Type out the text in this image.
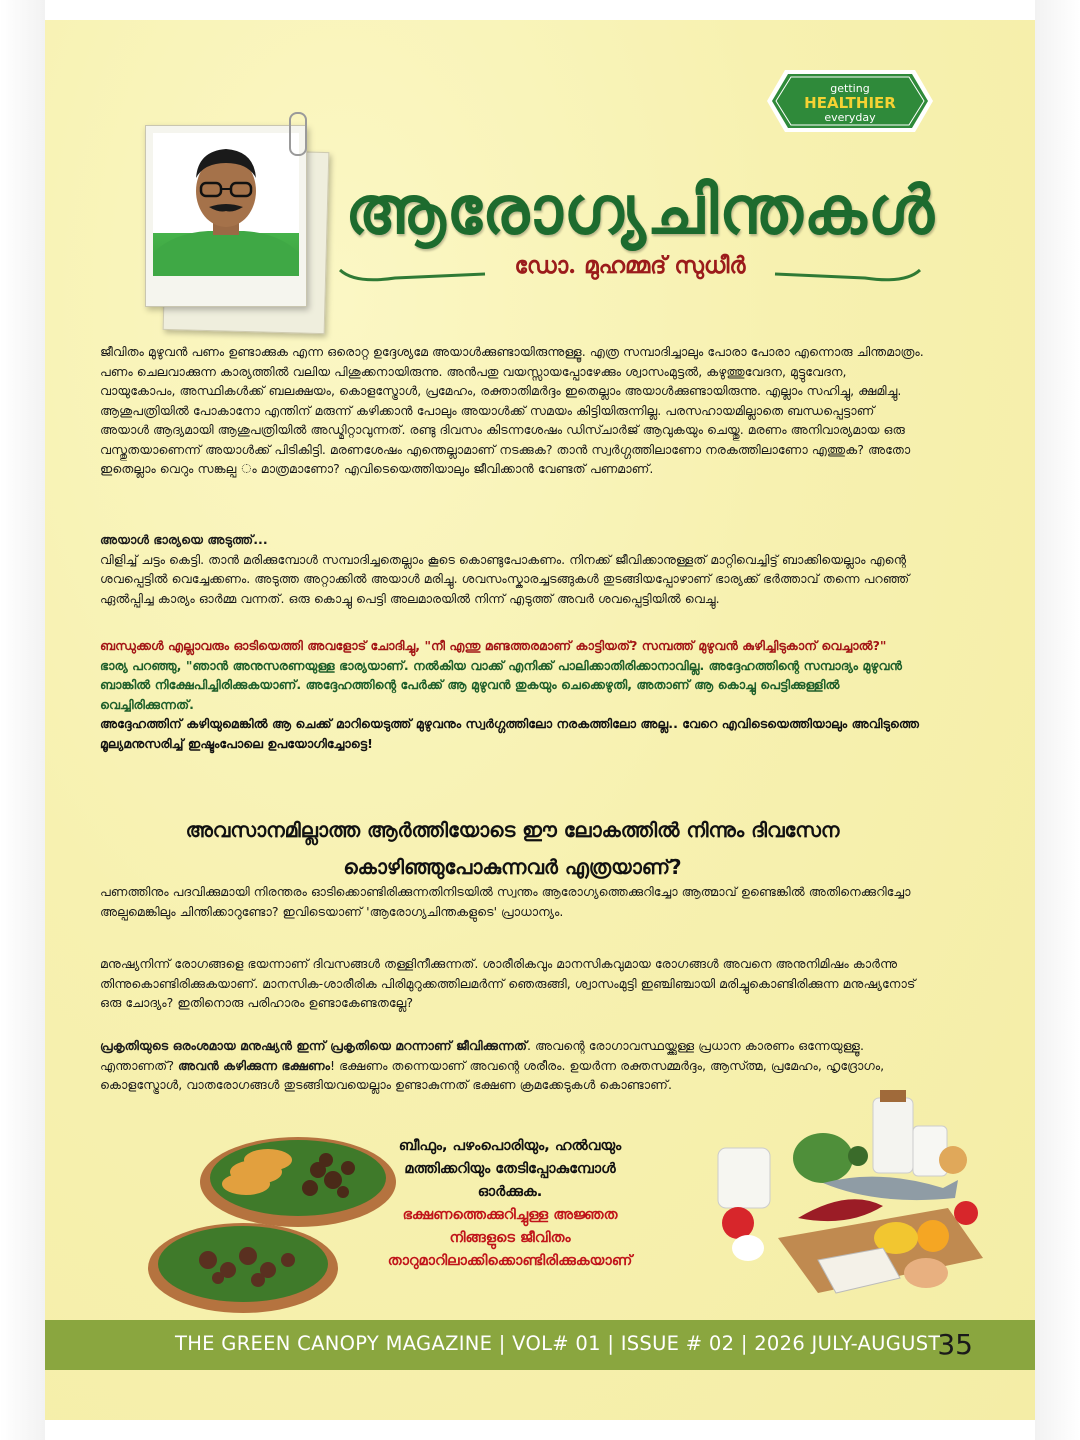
getting
HEALTHIER
everyday
ആരോഗ്യചിന്തകൾ
ഡോ. മുഹമ്മദ് സുധീർ

ജീവിതം മുഴുവൻ പണം ഉണ്ടാക്കുക എന്ന ഒരൊറ്റ ഉദ്ദേശ്യമേ അയാൾക്കുണ്ടായിരുന്നുള്ളൂ. എത്ര സമ്പാദിച്ചാലും പോരാ പോരാ എന്നൊരു ചിന്തമാത്രം. പണം ചെലവാക്കുന്ന കാര്യത്തിൽ വലിയ പിശുക്കനായിരുന്നു. അൻപതു വയസ്സായപ്പോഴേക്കും ശ്വാസംമുട്ടൽ, കഴുത്തുവേദന, മുട്ടുവേദന, വായുകോപം, അസ്ഥികൾക്ക് ബലക്ഷയം, കൊളസ്ട്രോൾ, പ്രമേഹം, രക്താതിമർദ്ദം ഇതെല്ലാം അയാൾക്കുണ്ടായിരുന്നു. എല്ലാം സഹിച്ചു, ക്ഷമിച്ചു. ആശുപത്രിയിൽ പോകാനോ എന്തിന് മരുന്ന് കഴിക്കാൻ പോലും അയാൾക്ക് സമയം കിട്ടിയിരുന്നില്ല. പരസഹായമില്ലാതെ ബന്ധപ്പെട്ടാണ് അയാൾ ആദ്യമായി ആശുപത്രിയിൽ അഡ്മിറ്റാവുന്നത്. രണ്ടു ദിവസം കിടന്നശേഷം ഡിസ്ചാർജ് ആവുകയും ചെയ്തു. മരണം അനിവാര്യമായ ഒരു വസ്തുതയാണെന്ന് അയാൾക്ക് പിടികിട്ടി. മരണശേഷം എന്തെല്ലാമാണ് നടക്കുക? താൻ സ്വർഗ്ഗത്തിലാണോ നരകത്തിലാണോ എത്തുക? അതോ ഇതെല്ലാം വെറും സങ്കല്പ ം മാത്രമാണോ? എവിടെയെത്തിയാലും ജീവിക്കാൻ വേണ്ടത് പണമാണ്.

അയാൾ ഭാര്യയെ അടുത്ത്...

വിളിച്ച് ചട്ടം കെട്ടി. താൻ മരിക്കുമ്പോൾ സമ്പാദിച്ചതെല്ലാം കൂടെ കൊണ്ടുപോകണം. നിനക്ക് ജീവിക്കാനുള്ളത് മാറ്റിവെച്ചിട്ട് ബാക്കിയെല്ലാം എന്റെ ശവപ്പെട്ടിൽ വെച്ചേക്കണം. അടുത്ത അറ്റാക്കിൽ അയാൾ മരിച്ചു. ശവസംസ്കാരച്ചടങ്ങുകൾ തുടങ്ങിയപ്പോഴാണ് ഭാര്യക്ക് ഭർത്താവ് തന്നെ പറഞ്ഞ് ഏൽപ്പിച്ച കാര്യം ഓർമ്മ വന്നത്. ഒരു കൊച്ചു പെട്ടി അലമാരയിൽ നിന്ന് എടുത്ത് അവർ ശവപ്പെട്ടിയിൽ വെച്ചു.

ബന്ധുക്കൾ എല്ലാവരും ഓടിയെത്തി അവളോട് ചോദിച്ചു, "നീ എന്തു മണ്ടത്തരമാണ് കാട്ടിയത്? സമ്പത്ത് മുഴുവൻ കുഴിച്ചിടുകാന് വെച്ചാൽ?"

ഭാര്യ പറഞ്ഞു, "ഞാൻ അനുസരണയുള്ള ഭാര്യയാണ്. നൽകിയ വാക്ക് എനിക്ക് പാലിക്കാതിരിക്കാനാവില്ല. അദ്ദേഹത്തിന്റെ സമ്പാദ്യം മുഴുവൻ ബാങ്കിൽ നിക്ഷേപിച്ചിരിക്കുകയാണ്. അദ്ദേഹത്തിന്റെ പേർക്ക് ആ മുഴുവൻ തുകയും ചെക്കെഴുതി, അതാണ് ആ കൊച്ചു പെട്ടിക്കുള്ളിൽ വെച്ചിരിക്കുന്നത്.

അദ്ദേഹത്തിന് കഴിയുമെങ്കിൽ ആ ചെക്ക് മാറിയെടുത്ത് മുഴുവനും സ്വർഗ്ഗത്തിലോ നരകത്തിലോ അല്ല.. വേറെ എവിടെയെത്തിയാലും അവിടുത്തെ മൂല്യമനുസരിച്ച് ഇഷ്ടംപോലെ ഉപയോഗിച്ചോട്ടെ!

അവസാനമില്ലാത്ത ആർത്തിയോടെ ഈ ലോകത്തിൽ നിന്നും ദിവസേന
കൊഴിഞ്ഞുപോകുന്നവർ എത്രയാണ്?

പണത്തിനും പദവിക്കുമായി നിരന്തരം ഓടിക്കൊണ്ടിരിക്കുന്നതിനിടയിൽ സ്വന്തം ആരോഗ്യത്തെക്കുറിച്ചോ ആത്മാവ് ഉണ്ടെങ്കിൽ അതിനെക്കുറിച്ചോ അല്പമെങ്കിലും ചിന്തിക്കാറുണ്ടോ? ഇവിടെയാണ് 'ആരോഗ്യചിന്തകളുടെ' പ്രാധാന്യം.

മനുഷ്യനിന്ന് രോഗങ്ങളെ ഭയന്നാണ് ദിവസങ്ങൾ തള്ളിനീക്കുന്നത്. ശാരീരികവും മാനസികവുമായ രോഗങ്ങൾ അവനെ അനുനിമിഷം കാർന്നു തിന്നുകൊണ്ടിരിക്കുകയാണ്. മാനസിക-ശാരീരിക പിരിമുറുക്കത്തിലമർന്ന് ഞെരുങ്ങി, ശ്വാസംമുട്ടി ഇഞ്ചിഞ്ചായി മരിച്ചുകൊണ്ടിരിക്കുന്ന മനുഷ്യനോട് ഒരു ചോദ്യം? ഇതിനൊരു പരിഹാരം ഉണ്ടാകേണ്ടതല്ലേ?

പ്രകൃതിയുടെ ഒരംശമായ മനുഷ്യൻ ഇന്ന് പ്രകൃതിയെ മറന്നാണ് ജീവിക്കുന്നത്. അവന്റെ രോഗാവസ്ഥയ്ക്കുള്ള പ്രധാന കാരണം ഒന്നേയുള്ളൂ. എന്താണത്? അവൻ കഴിക്കുന്ന ഭക്ഷണം! ഭക്ഷണം തന്നെയാണ് അവന്റെ ശരീരം. ഉയർന്ന രക്തസമ്മർദ്ദം, ആസ്ത്മ, പ്രമേഹം, ഹൃദ്രോഗം, കൊളസ്ട്രോൾ, വാതരോഗങ്ങൾ തുടങ്ങിയവയെല്ലാം ഉണ്ടാകുന്നത് ഭക്ഷണ ക്രമക്കേടുകൾ കൊണ്ടാണ്.

ബീഫും, പഴംപൊരിയും, ഹൽവയും
മത്തിക്കറിയും തേടിപ്പോകുമ്പോൾ
ഓർക്കുക.
ഭക്ഷണത്തെക്കുറിച്ചുള്ള അജ്ഞത
നിങ്ങളുടെ ജീവിതം
താറുമാറിലാക്കിക്കൊണ്ടിരിക്കുകയാണ്
THE GREEN CANOPY MAGAZINE | VOL# 01 | ISSUE # 02 | 2026 JULY-AUGUST
35
